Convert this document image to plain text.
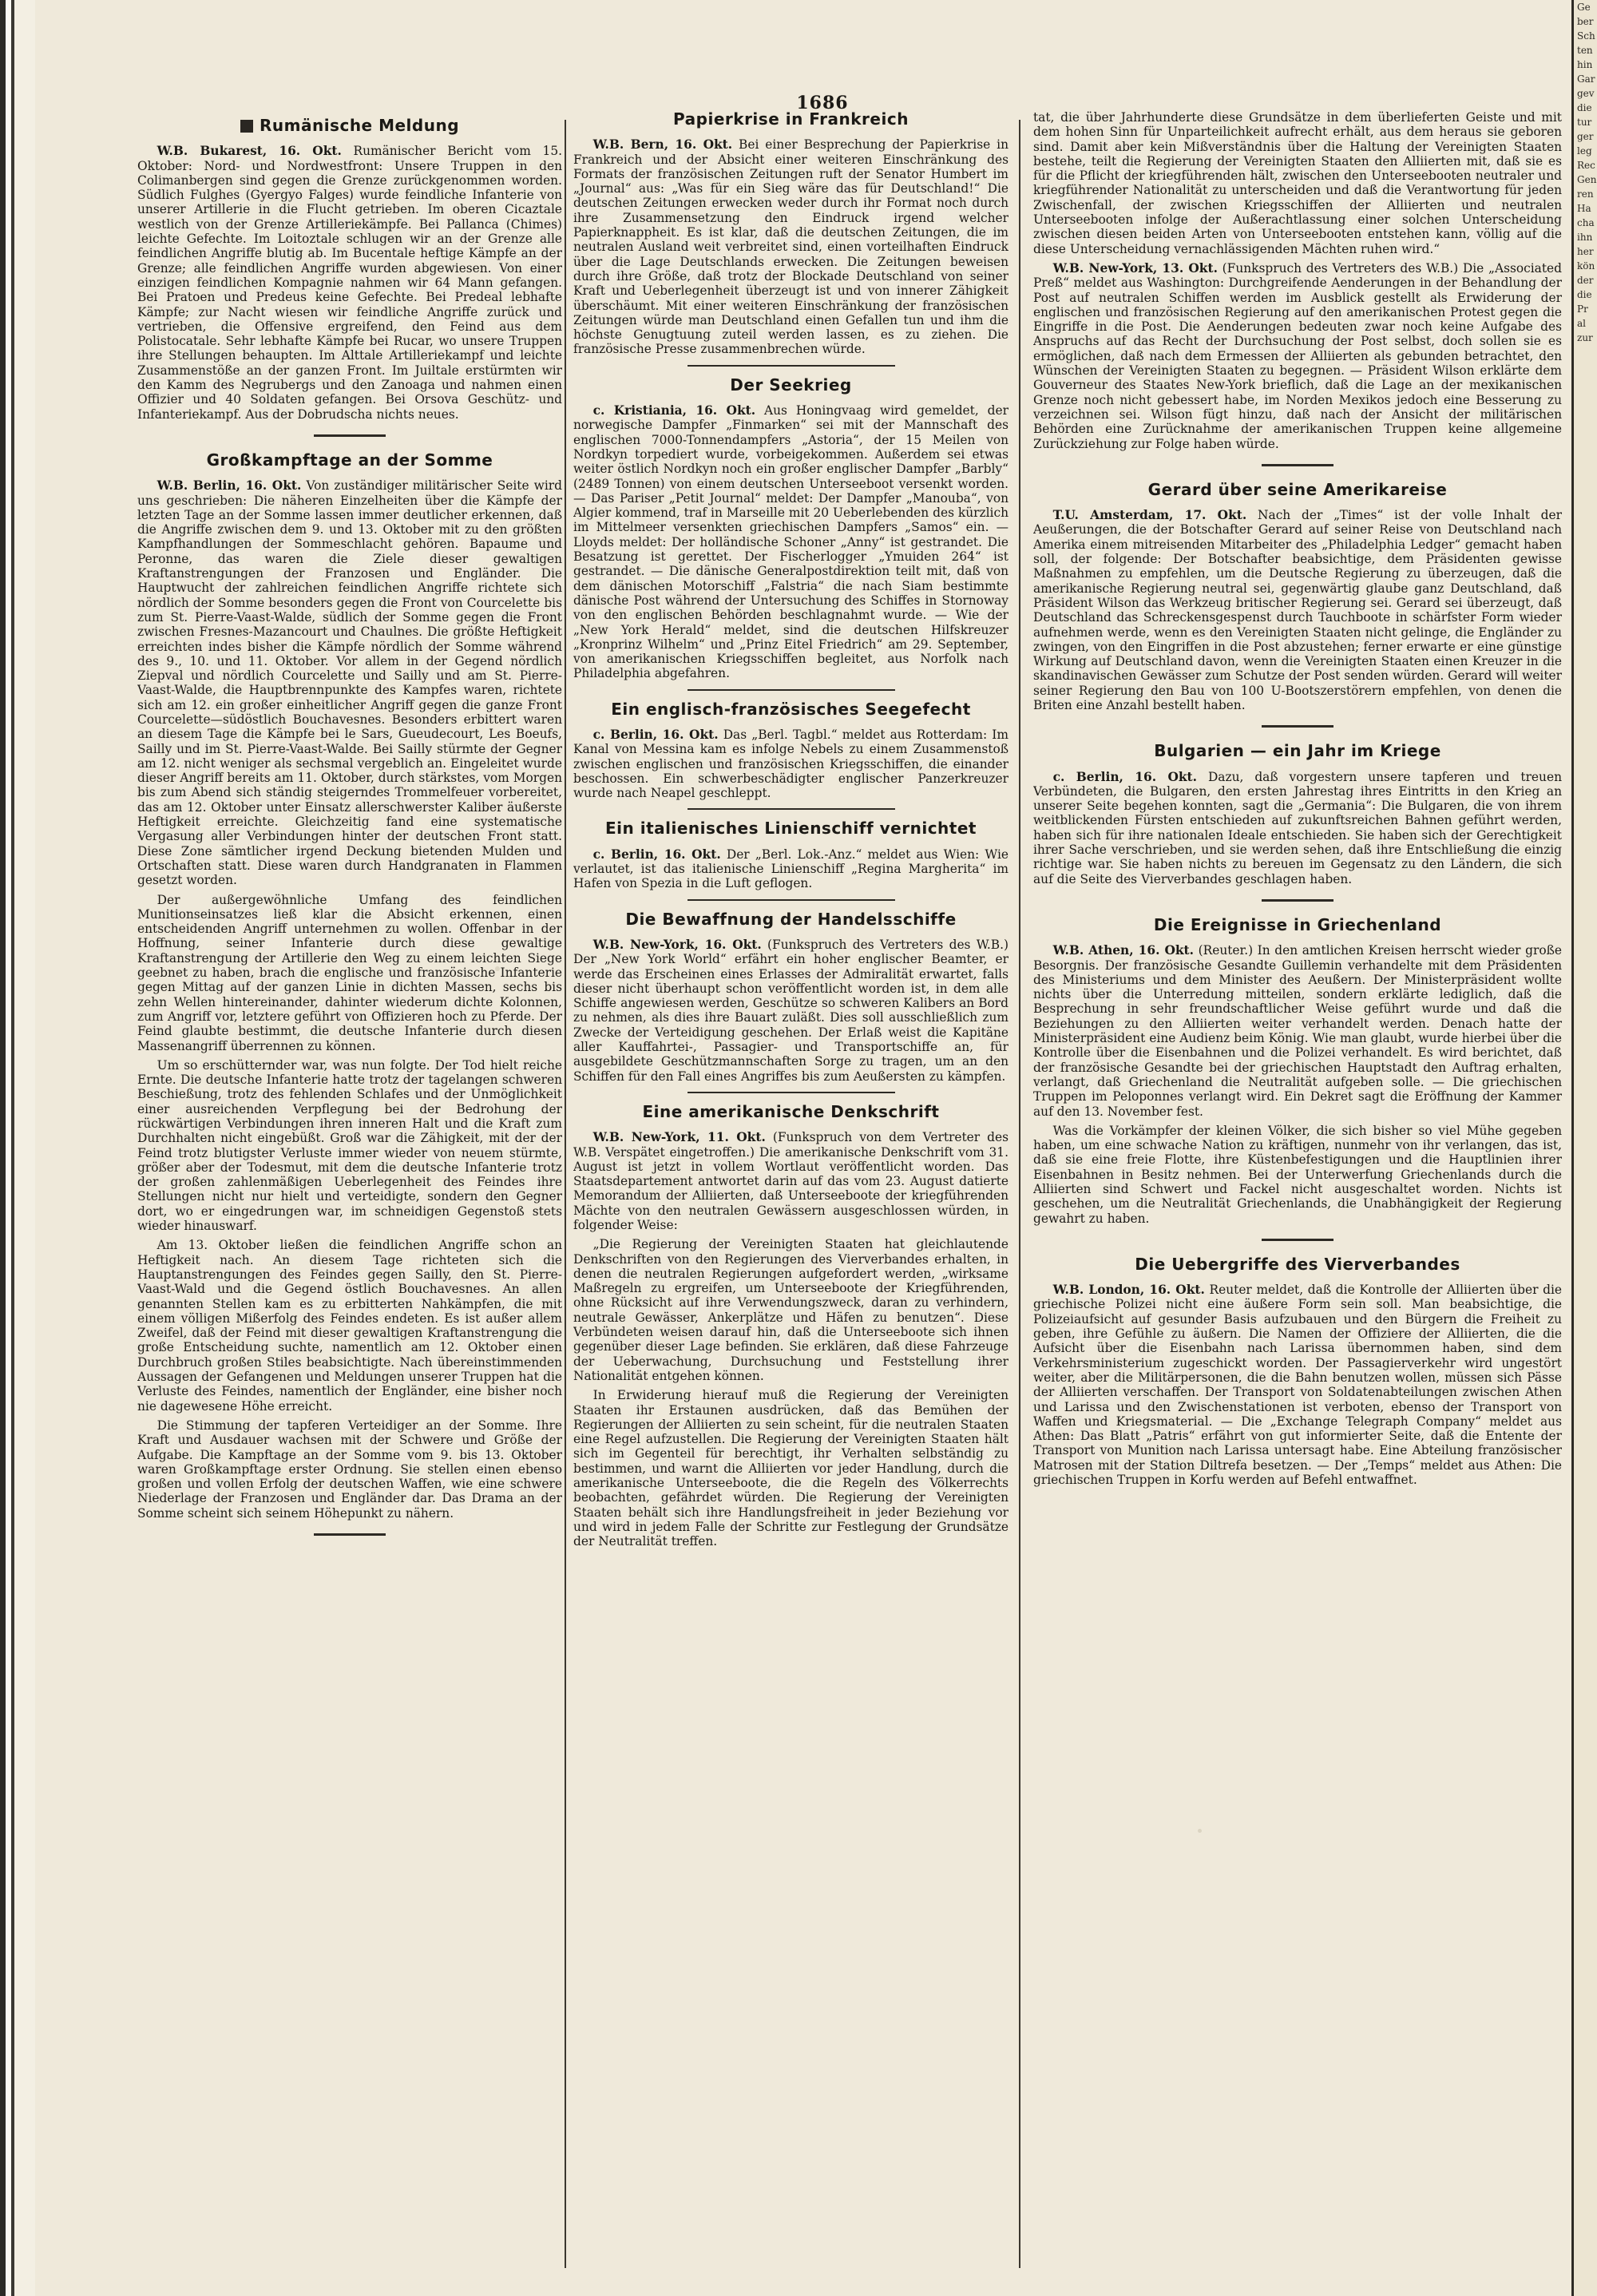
Ge
ber
Sch
ten
hin
Gar
gev
die
tur
ger
leg
Rec
Gen
ren
Ha
cha
ihn
her
kön
der
die
Pr
al
zur
1686
Rumänische Meldung

W.B. Bukarest, 16. Okt. Rumänischer Bericht vom 15. Oktober: Nord- und Nordwestfront: Unsere Truppen in den Colimanbergen sind gegen die Grenze zurückgenommen worden. Südlich Fulghes (Gyergyo Falges) wurde feindliche Infanterie von unserer Artillerie in die Flucht getrieben. Im oberen Cicaztale westlich von der Grenze Artilleriekämpfe. Bei Pallanca (Chimes) leichte Gefechte. Im Loitoztale schlugen wir an der Grenze alle feindlichen Angriffe blutig ab. Im Bucentale heftige Kämpfe an der Grenze; alle feindlichen Angriffe wurden abgewiesen. Von einer einzigen feindlichen Kompagnie nahmen wir 64 Mann gefangen. Bei Pratoen und Predeus keine Gefechte. Bei Predeal lebhafte Kämpfe; zur Nacht wiesen wir feindliche Angriffe zurück und vertrieben, die Offensive ergreifend, den Feind aus dem Polistocatale. Sehr lebhafte Kämpfe bei Rucar, wo unsere Truppen ihre Stellungen behaupten. Im Alttale Artilleriekampf und leichte Zusammenstöße an der ganzen Front. Im Juiltale erstürmten wir den Kamm des Negrubergs und den Zanoaga und nahmen einen Offizier und 40 Soldaten gefangen. Bei Orsova Geschütz- und Infanteriekampf. Aus der Dobrudscha nichts neues.

Großkampftage an der Somme

W.B. Berlin, 16. Okt. Von zuständiger militärischer Seite wird uns geschrieben: Die näheren Einzelheiten über die Kämpfe der letzten Tage an der Somme lassen immer deutlicher erkennen, daß die Angriffe zwischen dem 9. und 13. Oktober mit zu den größten Kampfhandlungen der Sommeschlacht gehören. Bapaume und Peronne, das waren die Ziele dieser gewaltigen Kraftanstrengungen der Franzosen und Engländer. Die Hauptwucht der zahlreichen feindlichen Angriffe richtete sich nördlich der Somme besonders gegen die Front von Courcelette bis zum St. Pierre-Vaast-Walde, südlich der Somme gegen die Front zwischen Fresnes-Mazancourt und Chaulnes. Die größte Heftigkeit erreichten indes bisher die Kämpfe nördlich der Somme während des 9., 10. und 11. Oktober. Vor allem in der Gegend nördlich Ziepval und nördlich Courcelette und Sailly und am St. Pierre-Vaast-Walde, die Hauptbrennpunkte des Kampfes waren, richtete sich am 12. ein großer einheitlicher Angriff gegen die ganze Front Courcelette—südöstlich Bouchavesnes. Besonders erbittert waren an diesem Tage die Kämpfe bei le Sars, Gueudecourt, Les Boeufs, Sailly und im St. Pierre-Vaast-Walde. Bei Sailly stürmte der Gegner am 12. nicht weniger als sechsmal vergeblich an. Eingeleitet wurde dieser Angriff bereits am 11. Oktober, durch stärkstes, vom Morgen bis zum Abend sich ständig steigerndes Trommelfeuer vorbereitet, das am 12. Oktober unter Einsatz allerschwerster Kaliber äußerste Heftigkeit erreichte. Gleichzeitig fand eine systematische Vergasung aller Verbindungen hinter der deutschen Front statt. Diese Zone sämtlicher irgend Deckung bietenden Mulden und Ortschaften statt. Diese waren durch Handgranaten in Flammen gesetzt worden.

Der außergewöhnliche Umfang des feindlichen Munitionseinsatzes ließ klar die Absicht erkennen, einen entscheidenden Angriff unternehmen zu wollen. Offenbar in der Hoffnung, seiner Infanterie durch diese gewaltige Kraftanstrengung der Artillerie den Weg zu einem leichten Siege geebnet zu haben, brach die englische und französische Infanterie gegen Mittag auf der ganzen Linie in dichten Massen, sechs bis zehn Wellen hintereinander, dahinter wiederum dichte Kolonnen, zum Angriff vor, letztere geführt von Offizieren hoch zu Pferde. Der Feind glaubte bestimmt, die deutsche Infanterie durch diesen Massenangriff überrennen zu können.

Um so erschütternder war, was nun folgte. Der Tod hielt reiche Ernte. Die deutsche Infanterie hatte trotz der tagelangen schweren Beschießung, trotz des fehlenden Schlafes und der Unmöglichkeit einer ausreichenden Verpflegung bei der Bedrohung der rückwärtigen Verbindungen ihren inneren Halt und die Kraft zum Durchhalten nicht eingebüßt. Groß war die Zähigkeit, mit der der Feind trotz blutigster Verluste immer wieder von neuem stürmte, größer aber der Todesmut, mit dem die deutsche Infanterie trotz der großen zahlenmäßigen Ueberlegenheit des Feindes ihre Stellungen nicht nur hielt und verteidigte, sondern den Gegner dort, wo er eingedrungen war, im schneidigen Gegenstoß stets wieder hinauswarf.

Am 13. Oktober ließen die feindlichen Angriffe schon an Heftigkeit nach. An diesem Tage richteten sich die Hauptanstrengungen des Feindes gegen Sailly, den St. Pierre-Vaast-Wald und die Gegend östlich Bouchavesnes. An allen genannten Stellen kam es zu erbitterten Nahkämpfen, die mit einem völligen Mißerfolg des Feindes endeten. Es ist außer allem Zweifel, daß der Feind mit dieser gewaltigen Kraftanstrengung die große Entscheidung suchte, namentlich am 12. Oktober einen Durchbruch großen Stiles beabsichtigte. Nach übereinstimmenden Aussagen der Gefangenen und Meldungen unserer Truppen hat die Verluste des Feindes, namentlich der Engländer, eine bisher noch nie dagewesene Höhe erreicht.

Die Stimmung der tapferen Verteidiger an der Somme. Ihre Kraft und Ausdauer wachsen mit der Schwere und Größe der Aufgabe. Die Kampftage an der Somme vom 9. bis 13. Oktober waren Großkampftage erster Ordnung. Sie stellen einen ebenso großen und vollen Erfolg der deutschen Waffen, wie eine schwere Niederlage der Franzosen und Engländer dar. Das Drama an der Somme scheint sich seinem Höhepunkt zu nähern.

Papierkrise in Frankreich

W.B. Bern, 16. Okt. Bei einer Besprechung der Papierkrise in Frankreich und der Absicht einer weiteren Einschränkung des Formats der französischen Zeitungen ruft der Senator Humbert im „Journal“ aus: „Was für ein Sieg wäre das für Deutschland!“ Die deutschen Zeitungen erwecken weder durch ihr Format noch durch ihre Zusammensetzung den Eindruck irgend welcher Papierknappheit. Es ist klar, daß die deutschen Zeitungen, die im neutralen Ausland weit verbreitet sind, einen vorteilhaften Eindruck über die Lage Deutschlands erwecken. Die Zeitungen beweisen durch ihre Größe, daß trotz der Blockade Deutschland von seiner Kraft und Ueberlegenheit überzeugt ist und von innerer Zähigkeit überschäumt. Mit einer weiteren Einschränkung der französischen Zeitungen würde man Deutschland einen Gefallen tun und ihm die höchste Genugtuung zuteil werden lassen, es zu ziehen. Die französische Presse zusammenbrechen würde.

Der Seekrieg

c. Kristiania, 16. Okt. Aus Honingvaag wird gemeldet, der norwegische Dampfer „Finmarken“ sei mit der Mannschaft des englischen 7000-Tonnendampfers „Astoria“, der 15 Meilen von Nordkyn torpediert wurde, vorbeigekommen. Außerdem sei etwas weiter östlich Nordkyn noch ein großer englischer Dampfer „Barbly“ (2489 Tonnen) von einem deutschen Unterseeboot versenkt worden. — Das Pariser „Petit Journal“ meldet: Der Dampfer „Manouba“, von Algier kommend, traf in Marseille mit 20 Ueberlebenden des kürzlich im Mittelmeer versenkten griechischen Dampfers „Samos“ ein. — Lloyds meldet: Der holländische Schoner „Anny“ ist gestrandet. Die Besatzung ist gerettet. Der Fischerlogger „Ymuiden 264“ ist gestrandet. — Die dänische Generalpostdirektion teilt mit, daß von dem dänischen Motorschiff „Falstria“ die nach Siam bestimmte dänische Post während der Untersuchung des Schiffes in Stornoway von den englischen Behörden beschlagnahmt wurde. — Wie der „New York Herald“ meldet, sind die deutschen Hilfskreuzer „Kronprinz Wilhelm“ und „Prinz Eitel Friedrich“ am 29. September, von amerikanischen Kriegsschiffen begleitet, aus Norfolk nach Philadelphia abgefahren.

Ein englisch-französisches Seegefecht

c. Berlin, 16. Okt. Das „Berl. Tagbl.“ meldet aus Rotterdam: Im Kanal von Messina kam es infolge Nebels zu einem Zusammenstoß zwischen englischen und französischen Kriegsschiffen, die einander beschossen. Ein schwerbeschädigter englischer Panzerkreuzer wurde nach Neapel geschleppt.

Ein italienisches Linienschiff vernichtet

c. Berlin, 16. Okt. Der „Berl. Lok.-Anz.“ meldet aus Wien: Wie verlautet, ist das italienische Linienschiff „Regina Margherita“ im Hafen von Spezia in die Luft geflogen.

Die Bewaffnung der Handelsschiffe

W.B. New-York, 16. Okt. (Funkspruch des Vertreters des W.B.) Der „New York World“ erfährt ein hoher englischer Beamter, er werde das Erscheinen eines Erlasses der Admiralität erwartet, falls dieser nicht überhaupt schon veröffentlicht worden ist, in dem alle Schiffe angewiesen werden, Geschütze so schweren Kalibers an Bord zu nehmen, als dies ihre Bauart zuläßt. Dies soll ausschließlich zum Zwecke der Verteidigung geschehen. Der Erlaß weist die Kapitäne aller Kauffahrtei-, Passagier- und Transportschiffe an, für ausgebildete Geschützmannschaften Sorge zu tragen, um an den Schiffen für den Fall eines Angriffes bis zum Aeußersten zu kämpfen.

Eine amerikanische Denkschrift

W.B. New-York, 11. Okt. (Funkspruch von dem Vertreter des W.B. Verspätet eingetroffen.) Die amerikanische Denkschrift vom 31. August ist jetzt in vollem Wortlaut veröffentlicht worden. Das Staatsdepartement antwortet darin auf das vom 23. August datierte Memorandum der Alliierten, daß Unterseeboote der kriegführenden Mächte von den neutralen Gewässern ausgeschlossen würden, in folgender Weise:

„Die Regierung der Vereinigten Staaten hat gleichlautende Denkschriften von den Regierungen des Vierverbandes erhalten, in denen die neutralen Regierungen aufgefordert werden, „wirksame Maßregeln zu ergreifen, um Unterseeboote der Kriegführenden, ohne Rücksicht auf ihre Verwendungszweck, daran zu verhindern, neutrale Gewässer, Ankerplätze und Häfen zu benutzen“. Diese Verbündeten weisen darauf hin, daß die Unterseeboote sich ihnen gegenüber dieser Lage befinden. Sie erklären, daß diese Fahrzeuge der Ueberwachung, Durchsuchung und Feststellung ihrer Nationalität entgehen können.

In Erwiderung hierauf muß die Regierung der Vereinigten Staaten ihr Erstaunen ausdrücken, daß das Bemühen der Regierungen der Alliierten zu sein scheint, für die neutralen Staaten eine Regel aufzustellen. Die Regierung der Vereinigten Staaten hält sich im Gegenteil für berechtigt, ihr Verhalten selbständig zu bestimmen, und warnt die Alliierten vor jeder Handlung, durch die amerikanische Unterseeboote, die die Regeln des Völkerrechts beobachten, gefährdet würden. Die Regierung der Vereinigten Staaten behält sich ihre Handlungsfreiheit in jeder Beziehung vor und wird in jedem Falle der Schritte zur Festlegung der Grundsätze der Neutralität treffen.

tat, die über Jahrhunderte diese Grundsätze in dem überlieferten Geiste und mit dem hohen Sinn für Unparteilichkeit aufrecht erhält, aus dem heraus sie geboren sind. Damit aber kein Mißverständnis über die Haltung der Vereinigten Staaten bestehe, teilt die Regierung der Vereinigten Staaten den Alliierten mit, daß sie es für die Pflicht der kriegführenden hält, zwischen den Unterseebooten neutraler und kriegführender Nationalität zu unterscheiden und daß die Verantwortung für jeden Zwischenfall, der zwischen Kriegsschiffen der Alliierten und neutralen Unterseebooten infolge der Außerachtlassung einer solchen Unterscheidung zwischen diesen beiden Arten von Unterseebooten entstehen kann, völlig auf die diese Unterscheidung vernachlässigenden Mächten ruhen wird.“

W.B. New-York, 13. Okt. (Funkspruch des Vertreters des W.B.) Die „Associated Preß“ meldet aus Washington: Durchgreifende Aenderungen in der Behandlung der Post auf neutralen Schiffen werden im Ausblick gestellt als Erwiderung der englischen und französischen Regierung auf den amerikanischen Protest gegen die Eingriffe in die Post. Die Aenderungen bedeuten zwar noch keine Aufgabe des Anspruchs auf das Recht der Durchsuchung der Post selbst, doch sollen sie es ermöglichen, daß nach dem Ermessen der Alliierten als gebunden betrachtet, den Wünschen der Vereinigten Staaten zu begegnen. — Präsident Wilson erklärte dem Gouverneur des Staates New-York brieflich, daß die Lage an der mexikanischen Grenze noch nicht gebessert habe, im Norden Mexikos jedoch eine Besserung zu verzeichnen sei. Wilson fügt hinzu, daß nach der Ansicht der militärischen Behörden eine Zurücknahme der amerikanischen Truppen keine allgemeine Zurückziehung zur Folge haben würde.

Gerard über seine Amerikareise

T.U. Amsterdam, 17. Okt. Nach der „Times“ ist der volle Inhalt der Aeußerungen, die der Botschafter Gerard auf seiner Reise von Deutschland nach Amerika einem mitreisenden Mitarbeiter des „Philadelphia Ledger“ gemacht haben soll, der folgende: Der Botschafter beabsichtige, dem Präsidenten gewisse Maßnahmen zu empfehlen, um die Deutsche Regierung zu überzeugen, daß die amerikanische Regierung neutral sei, gegenwärtig glaube ganz Deutschland, daß Präsident Wilson das Werkzeug britischer Regierung sei. Gerard sei überzeugt, daß Deutschland das Schreckensgespenst durch Tauchboote in schärfster Form wieder aufnehmen werde, wenn es den Vereinigten Staaten nicht gelinge, die Engländer zu zwingen, von den Eingriffen in die Post abzustehen; ferner erwarte er eine günstige Wirkung auf Deutschland davon, wenn die Vereinigten Staaten einen Kreuzer in die skandinavischen Gewässer zum Schutze der Post senden würden. Gerard will weiter seiner Regierung den Bau von 100 U-Bootszerstörern empfehlen, von denen die Briten eine Anzahl bestellt haben.

Bulgarien — ein Jahr im Kriege

c. Berlin, 16. Okt. Dazu, daß vorgestern unsere tapferen und treuen Verbündeten, die Bulgaren, den ersten Jahrestag ihres Eintritts in den Krieg an unserer Seite begehen konnten, sagt die „Germania“: Die Bulgaren, die von ihrem weitblickenden Fürsten entschieden auf zukunftsreichen Bahnen geführt werden, haben sich für ihre nationalen Ideale entschieden. Sie haben sich der Gerechtigkeit ihrer Sache verschrieben, und sie werden sehen, daß ihre Entschließung die einzig richtige war. Sie haben nichts zu bereuen im Gegensatz zu den Ländern, die sich auf die Seite des Vierverbandes geschlagen haben.

Die Ereignisse in Griechenland

W.B. Athen, 16. Okt. (Reuter.) In den amtlichen Kreisen herrscht wieder große Besorgnis. Der französische Gesandte Guillemin verhandelte mit dem Präsidenten des Ministeriums und dem Minister des Aeußern. Der Ministerpräsident wollte nichts über die Unterredung mitteilen, sondern erklärte lediglich, daß die Besprechung in sehr freundschaftlicher Weise geführt wurde und daß die Beziehungen zu den Alliierten weiter verhandelt werden. Denach hatte der Ministerpräsident eine Audienz beim König. Wie man glaubt, wurde hierbei über die Kontrolle über die Eisenbahnen und die Polizei verhandelt. Es wird berichtet, daß der französische Gesandte bei der griechischen Hauptstadt den Auftrag erhalten, verlangt, daß Griechenland die Neutralität aufgeben solle. — Die griechischen Truppen im Peloponnes verlangt wird. Ein Dekret sagt die Eröffnung der Kammer auf den 13. November fest.

Was die Vorkämpfer der kleinen Völker, die sich bisher so viel Mühe gegeben haben, um eine schwache Nation zu kräftigen, nunmehr von ihr verlangen, das ist, daß sie eine freie Flotte, ihre Küstenbefestigungen und die Hauptlinien ihrer Eisenbahnen in Besitz nehmen. Bei der Unterwerfung Griechenlands durch die Alliierten sind Schwert und Fackel nicht ausgeschaltet worden. Nichts ist geschehen, um die Neutralität Griechenlands, die Unabhängigkeit der Regierung gewahrt zu haben.

Die Uebergriffe des Vierverbandes

W.B. London, 16. Okt. Reuter meldet, daß die Kontrolle der Alliierten über die griechische Polizei nicht eine äußere Form sein soll. Man beabsichtige, die Polizeiaufsicht auf gesunder Basis aufzubauen und den Bürgern die Freiheit zu geben, ihre Gefühle zu äußern. Die Namen der Offiziere der Alliierten, die die Aufsicht über die Eisenbahn nach Larissa übernommen haben, sind dem Verkehrsministerium zugeschickt worden. Der Passagierverkehr wird ungestört weiter, aber die Militärpersonen, die die Bahn benutzen wollen, müssen sich Pässe der Alliierten verschaffen. Der Transport von Soldatenabteilungen zwischen Athen und Larissa und den Zwischenstationen ist verboten, ebenso der Transport von Waffen und Kriegsmaterial. — Die „Exchange Telegraph Company“ meldet aus Athen: Das Blatt „Patris“ erfährt von gut informierter Seite, daß die Entente der Transport von Munition nach Larissa untersagt habe. Eine Abteilung französischer Matrosen mit der Station Diltrefa besetzen. — Der „Temps“ meldet aus Athen: Die griechischen Truppen in Korfu werden auf Befehl entwaffnet.
